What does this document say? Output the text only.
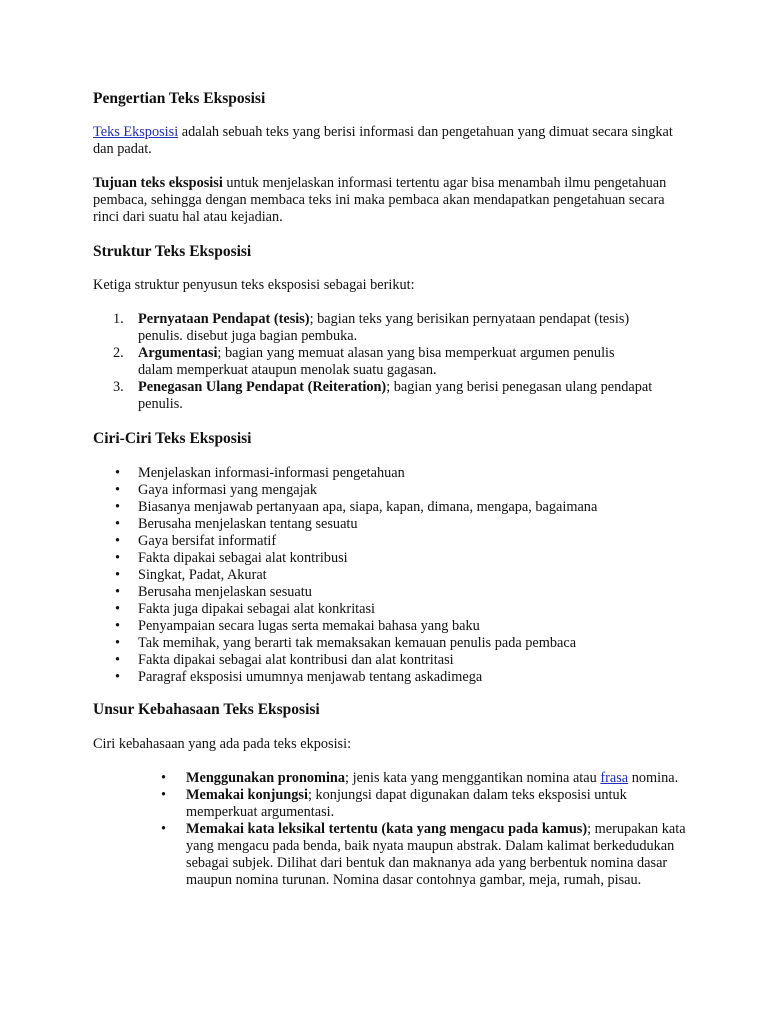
Pengertian Teks Eksposisi

Teks Eksposisi adalah sebuah teks yang berisi informasi dan pengetahuan yang dimuat secara singkat dan padat.

Tujuan teks eksposisi untuk menjelaskan informasi tertentu agar bisa menambah ilmu pengetahuan pembaca, sehingga dengan membaca teks ini maka pembaca akan mendapatkan pengetahuan secara rinci dari suatu hal atau kejadian.

Struktur Teks Eksposisi

Ketiga struktur penyusun teks eksposisi sebagai berikut:

1. Pernyataan Pendapat (tesis); bagian teks yang berisikan pernyataan pendapat (tesis) penulis. disebut juga bagian pembuka.
2. Argumentasi; bagian yang memuat alasan yang bisa memperkuat argumen penulis dalam memperkuat ataupun menolak suatu gagasan.
3. Penegasan Ulang Pendapat (Reiteration); bagian yang berisi penegasan ulang pendapat penulis.
Ciri-Ciri Teks Eksposisi
• Menjelaskan informasi-informasi pengetahuan
• Gaya informasi yang mengajak
• Biasanya menjawab pertanyaan apa, siapa, kapan, dimana, mengapa, bagaimana
• Berusaha menjelaskan tentang sesuatu
• Gaya bersifat informatif
• Fakta dipakai sebagai alat kontribusi
• Singkat, Padat, Akurat
• Berusaha menjelaskan sesuatu
• Fakta juga dipakai sebagai alat konkritasi
• Penyampaian secara lugas serta memakai bahasa yang baku
• Tak memihak, yang berarti tak memaksakan kemauan penulis pada pembaca
• Fakta dipakai sebagai alat kontribusi dan alat kontritasi
• Paragraf eksposisi umumnya menjawab tentang askadimega
Unsur Kebahasaan Teks Eksposisi

Ciri kebahasaan yang ada pada teks ekposisi:

• Menggunakan pronomina; jenis kata yang menggantikan nomina atau frasa nomina.
• Memakai konjungsi; konjungsi dapat digunakan dalam teks eksposisi untuk memperkuat argumentasi.
• Memakai kata leksikal tertentu (kata yang mengacu pada kamus); merupakan kata yang mengacu pada benda, baik nyata maupun abstrak. Dalam kalimat berkedudukan sebagai subjek. Dilihat dari bentuk dan maknanya ada yang berbentuk nomina dasar maupun nomina turunan. Nomina dasar contohnya gambar, meja, rumah, pisau.
